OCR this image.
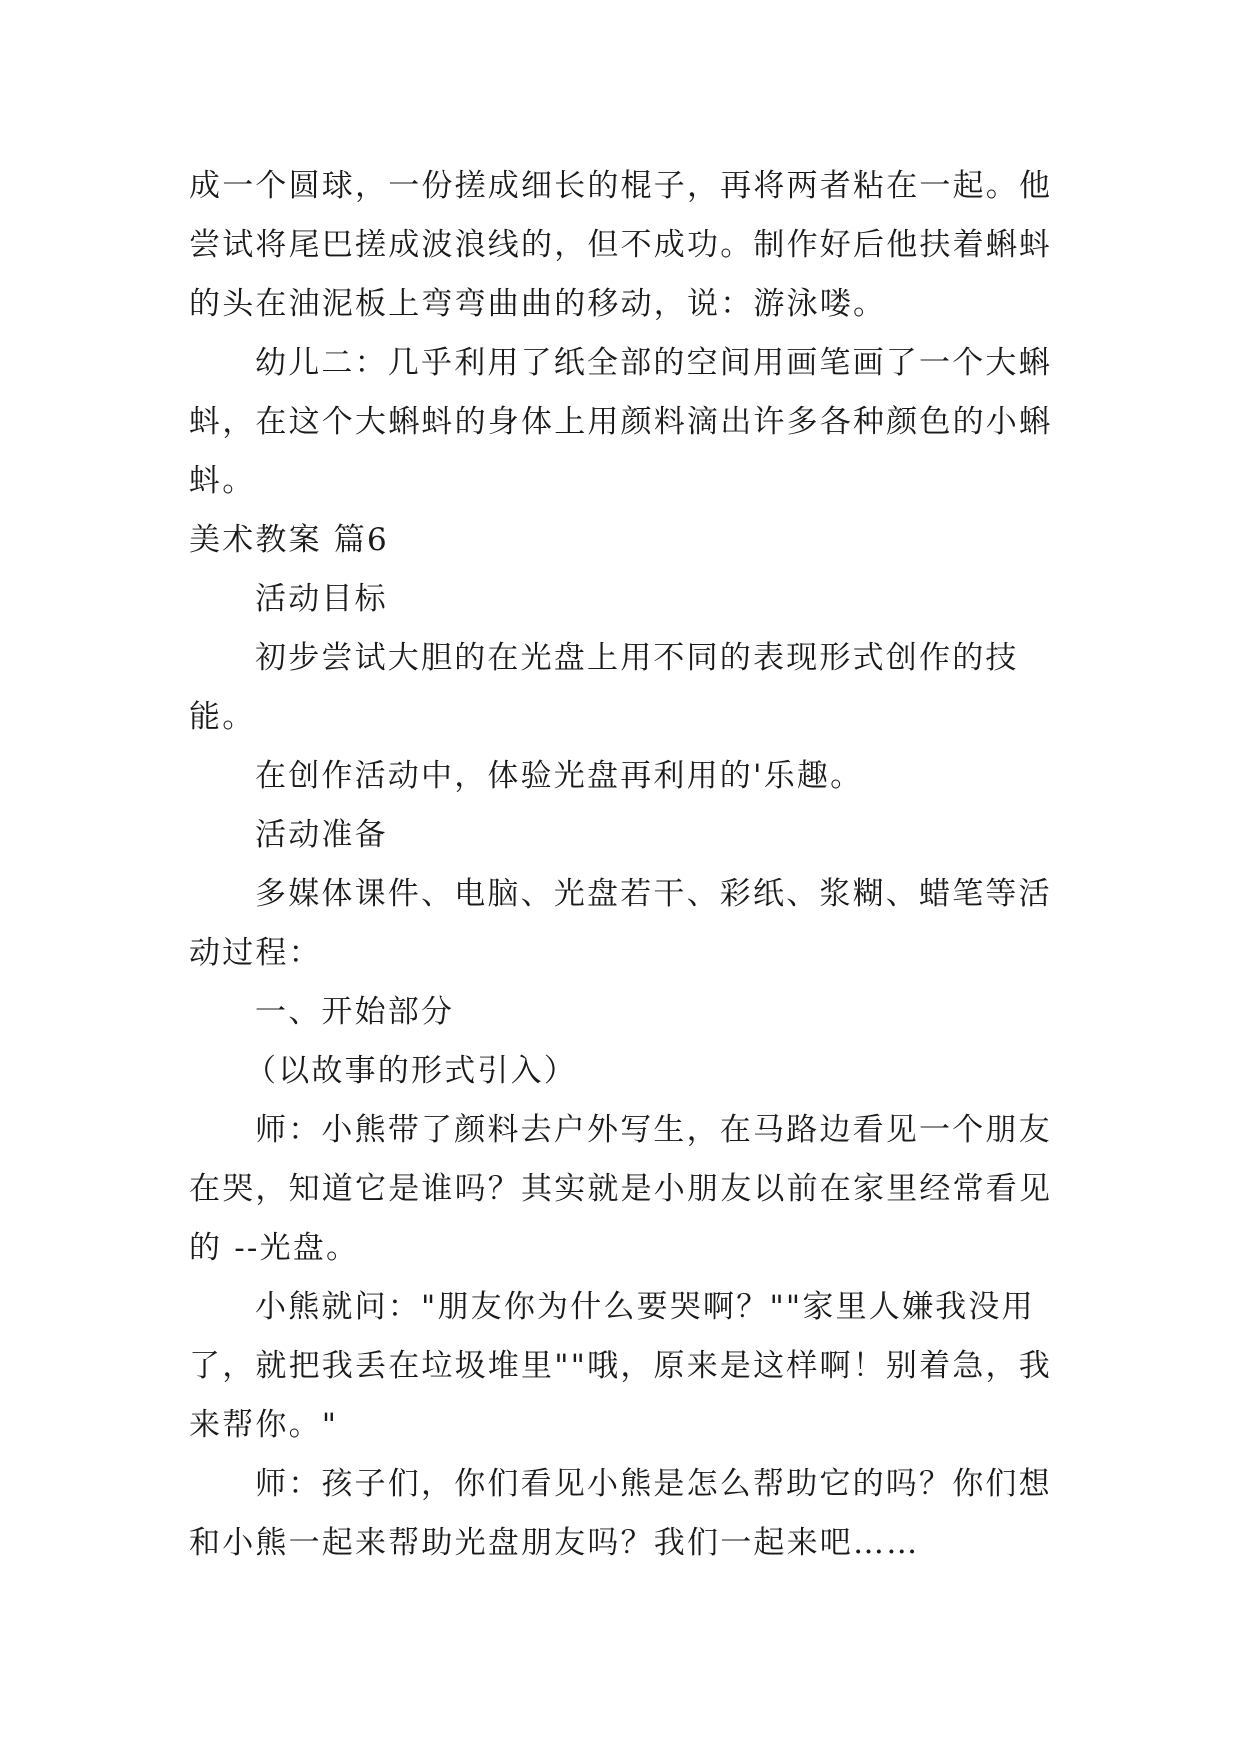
成一个圆球，一份搓成细长的棍子，再将两者粘在一起。他
尝试将尾巴搓成波浪线的，但不成功。制作好后他扶着蝌蚪
的头在油泥板上弯弯曲曲的移动，说：游泳喽。
幼儿二：几乎利用了纸全部的空间用画笔画了一个大蝌
蚪，在这个大蝌蚪的身体上用颜料滴出许多各种颜色的小蝌
蚪。
美术教案 篇6
活动目标
初步尝试大胆的在光盘上用不同的表现形式创作的技
能。
在创作活动中，体验光盘再利用的'乐趣。
活动准备
多媒体课件、电脑、光盘若干、彩纸、浆糊、蜡笔等活
动过程：
一、开始部分
（以故事的形式引入）
师：小熊带了颜料去户外写生，在马路边看见一个朋友
在哭，知道它是谁吗？其实就是小朋友以前在家里经常看见
的 --光盘。
小熊就问："朋友你为什么要哭啊？""家里人嫌我没用
了，就把我丢在垃圾堆里""哦，原来是这样啊！别着急，我
来帮你。"
师：孩子们，你们看见小熊是怎么帮助它的吗？你们想
和小熊一起来帮助光盘朋友吗？我们一起来吧……
